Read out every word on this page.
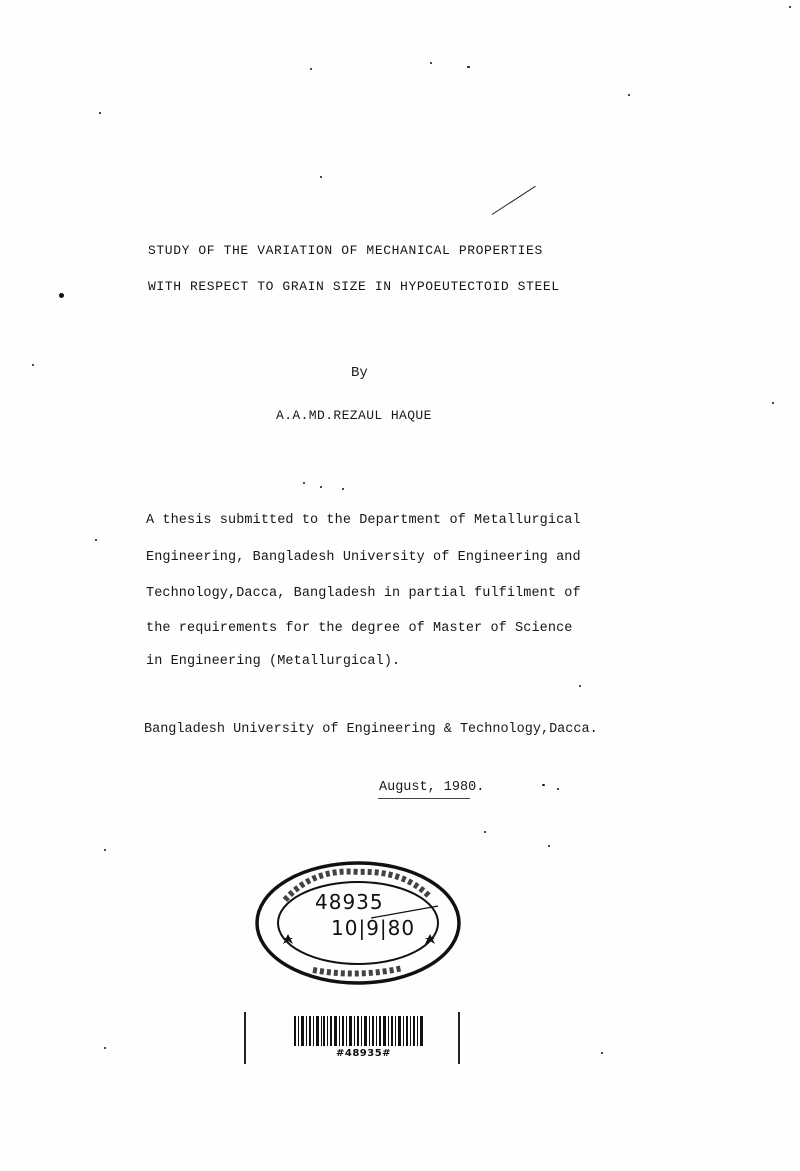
STUDY OF THE VARIATION OF MECHANICAL PROPERTIES
WITH RESPECT TO GRAIN SIZE IN HYPOEUTECTOID STEEL
By
A.A.MD.REZAUL HAQUE
A thesis submitted to the Department of Metallurgical
Engineering, Bangladesh University of Engineering and
Technology,Dacca, Bangladesh in partial fulfilment of
the requirements for the degree of Master of Science
in Engineering (Metallurgical).
Bangladesh University of Engineering & Technology,Dacca.
August, 1980.
48935
10|9|80
#48935#
